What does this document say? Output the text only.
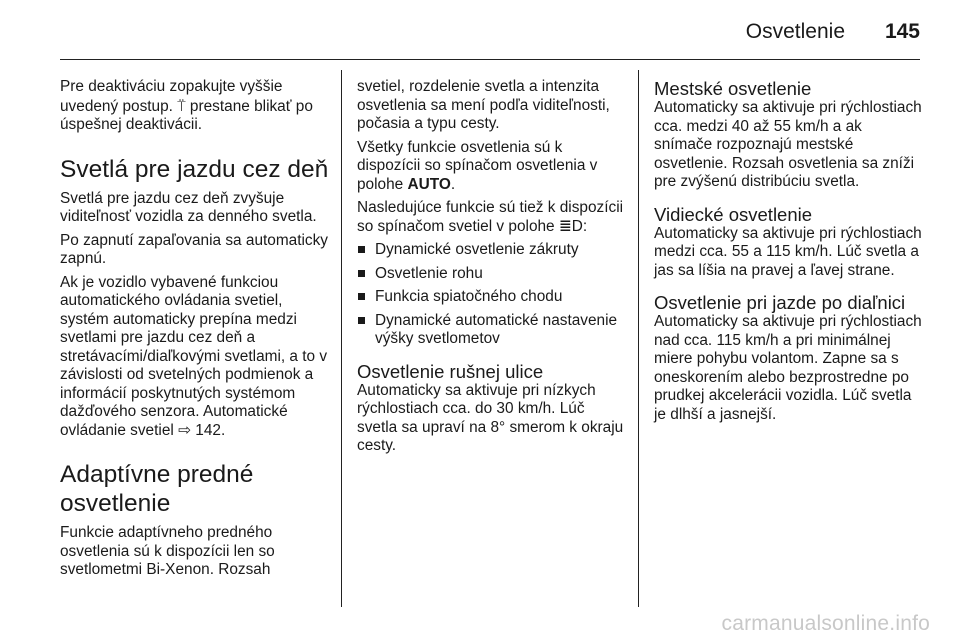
Osvetlenie	145

Pre deaktiváciu zopakujte vyššie uvedený postup. ⍡ prestane blikať po úspešnej deaktivácii.

Svetlá pre jazdu cez deň

Svetlá pre jazdu cez deň zvyšuje viditeľnosť vozidla za denného svetla.

Po zapnutí zapaľovania sa automaticky zapnú.

Ak je vozidlo vybavené funkciou automatického ovládania svetiel, systém automaticky prepína medzi svetlami pre jazdu cez deň a stretávacími/diaľkovými svetlami, a to v závislosti od svetelných podmienok a informácií poskytnutých systémom dažďového senzora. Automatické ovládanie svetiel ⇨ 142.

Adaptívne predné osvetlenie

Funkcie adaptívneho predného osvetlenia sú k dispozícii len so svetlometmi Bi-Xenon. Rozsah

svetiel, rozdelenie svetla a intenzita osvetlenia sa mení podľa viditeľnosti, počasia a typu cesty.

Všetky funkcie osvetlenia sú k dispozícii so spínačom osvetlenia v polohe AUTO.

Nasledujúce funkcie sú tiež k dispozícii so spínačom svetiel v polohe ≣D:

Dynamické osvetlenie zákruty
Osvetlenie rohu
Funkcia spiatočného chodu
Dynamické automatické nastavenie výšky svetlometov
Osvetlenie rušnej ulice

Automaticky sa aktivuje pri nízkych rýchlostiach cca. do 30 km/h. Lúč svetla sa upraví na 8° smerom k okraju cesty.

Mestské osvetlenie

Automaticky sa aktivuje pri rýchlostiach cca. medzi 40 až 55 km/h a ak snímače rozpoznajú mestské osvetlenie. Rozsah osvetlenia sa zníži pre zvýšenú distribúciu svetla.

Vidiecké osvetlenie

Automaticky sa aktivuje pri rýchlostiach medzi cca. 55 a 115 km/h. Lúč svetla a jas sa líšia na pravej a ľavej strane.

Osvetlenie pri jazde po diaľnici

Automaticky sa aktivuje pri rýchlostiach nad cca. 115 km/h a pri minimálnej miere pohybu volantom. Zapne sa s oneskorením alebo bezprostredne po prudkej akcelerácii vozidla. Lúč svetla je dlhší a jasnejší.

carmanualsonline.info
